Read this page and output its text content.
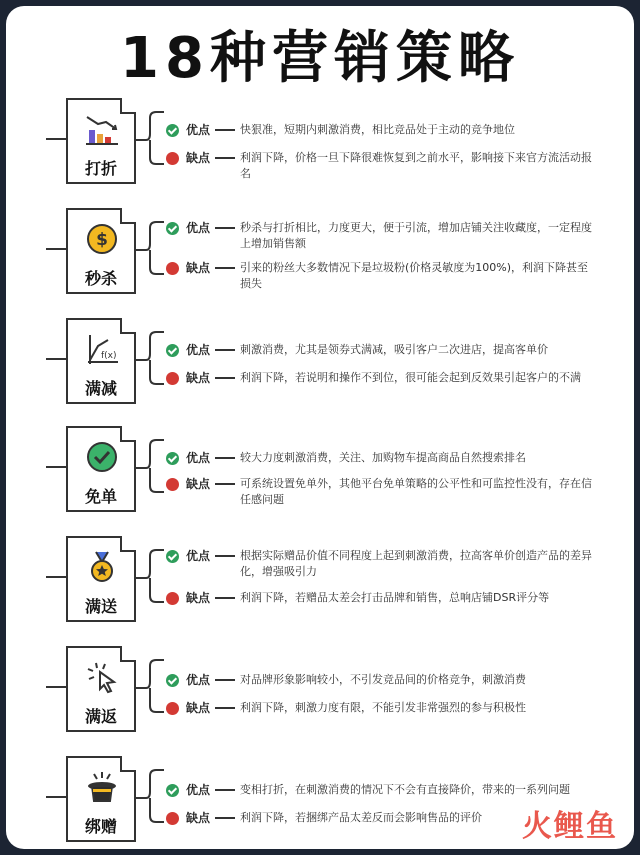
18种营销策略
打折
优点	快狠准，短期内刺激消费，相比竞品处于主动的竞争地位
缺点	利润下降，价格一旦下降很难恢复到之前水平，影响接下来官方流活动报名
$
秒杀
优点	秒杀与打折相比，力度更大，便于引流，增加店铺关注收藏度，一定程度上增加销售额
缺点	引来的粉丝大多数情况下是垃圾粉(价格灵敏度为100%)，利润下降甚至损失
f(x)
满减
优点	刺激消费，尤其是领券式满减，吸引客户二次进店，提高客单价
缺点	利润下降，若说明和操作不到位，很可能会起到反效果引起客户的不满
免单
优点	较大力度刺激消费，关注、加购物车提高商品自然搜索排名
缺点	可系统设置免单外，其他平台免单策略的公平性和可监控性没有，存在信任感问题
满送
优点	根据实际赠品价值不同程度上起到刺激消费，拉高客单价创造产品的差异化，增强吸引力
缺点	利润下降，若赠品太差会打击品牌和销售，总响店铺DSR评分等
满返
优点	对品牌形象影响较小，不引发竞品间的价格竞争，刺激消费
缺点	利润下降，刺激力度有限，不能引发非常强烈的参与积极性
绑赠
优点	变相打折，在刺激消费的情况下不会有直接降价，带来的一系列问题
缺点	利润下降，若捆绑产品太差反而会影响售品的评价	火鲤鱼
